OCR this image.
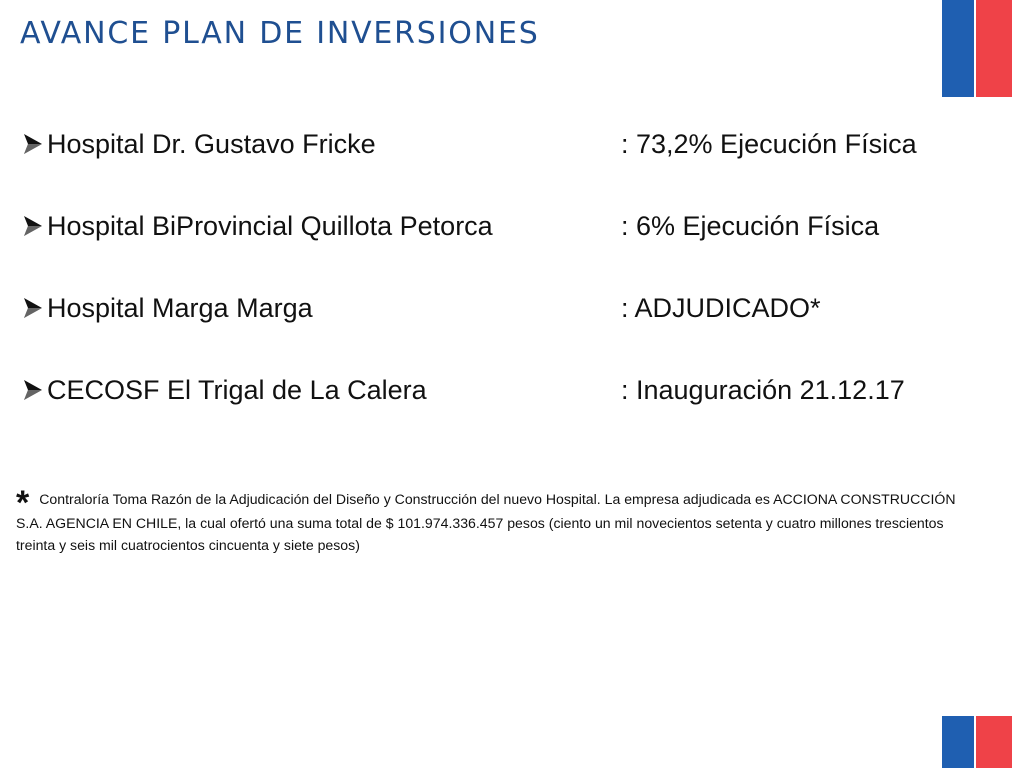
AVANCE PLAN DE INVERSIONES
Hospital Dr. Gustavo Fricke	: 73,2% Ejecución Física
Hospital BiProvincial Quillota Petorca	: 6% Ejecución Física
Hospital Marga Marga	: ADJUDICADO*
CECOSF El Trigal de La Calera	: Inauguración 21.12.17

* Contraloría Toma Razón de la Adjudicación del Diseño y Construcción del nuevo Hospital. La empresa adjudicada es ACCIONA CONSTRUCCIÓN S.A. AGENCIA EN CHILE, la cual ofertó una suma total de $ 101.974.336.457 pesos (ciento un mil novecientos setenta y cuatro millones trescientos treinta y seis mil cuatrocientos cincuenta y siete pesos)
